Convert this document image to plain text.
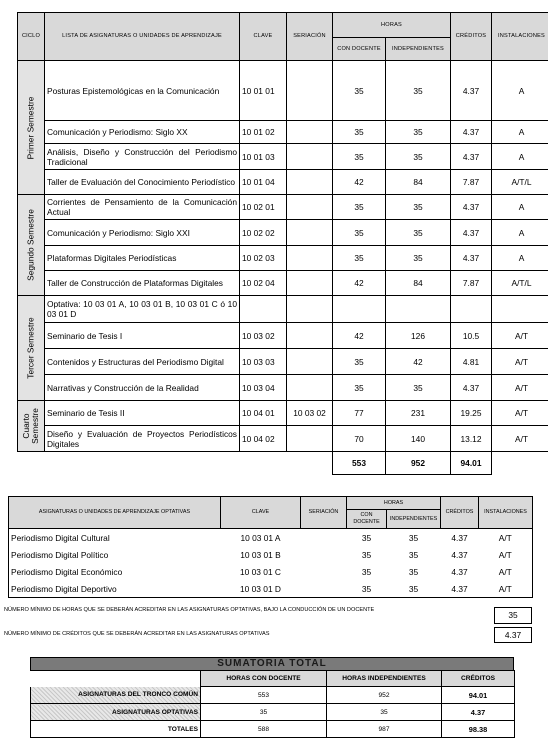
CICLO	LISTA DE ASIGNATURAS O UNIDADES DE APRENDIZAJE	CLAVE	SERIACIÓN	HORAS		CRÉDITOS	INSTALACIONES
				CON DOCENTE	INDEPENDIENTES		

Primer Semestre	Posturas Epistemológicas en la Comunicación	10 01 01		35	35	4.37	A
	Comunicación y Periodismo: Siglo XX	10 01 02		35	35	4.37	A
	Análisis, Diseño y Construcción del Periodismo Tradicional	10 01 03		35	35	4.37	A
	Taller de Evaluación del Conocimiento Periodístico	10 01 04		42	84	7.87	A/T/L

Segundo Semestre	Corrientes de Pensamiento de la Comunicación Actual	10 02 01		35	35	4.37	A
	Comunicación y Periodismo: Siglo XXI	10 02 02		35	35	4.37	A
	Plataformas Digitales Periodísticas	10 02 03		35	35	4.37	A
	Taller de Construcción de Plataformas Digitales	10 02 04		42	84	7.87	A/T/L

Tercer Semestre	Optativa: 10 03 01 A, 10 03 01 B, 10 03 01 C ó 10 03 01 D						
	Seminario de Tesis I	10 03 02		42	126	10.5	A/T
	Contenidos y Estructuras del Periodismo Digital	10 03 03		35	42	4.81	A/T
	Narrativas y Construcción de la Realidad	10 03 04		35	35	4.37	A/T

Cuarto Semestre	Seminario de Tesis II	10 04 01	10 03 02	77	231	19.25	A/T
	Diseño y Evaluación de Proyectos Periodísticos Digitales	10 04 02		70	140	13.12	A/T
				553	952	94.01	
ASIGNATURAS O UNIDADES DE APRENDIZAJE OPTATIVAS	CLAVE	SERIACIÓN	HORAS		CRÉDITOS	INSTALACIONES
			CON DOCENTE	INDEPENDIENTES		
Periodismo Digital Cultural	10 03 01 A		35	35	4.37	A/T
Periodismo Digital Político	10 03 01 B		35	35	4.37	A/T
Periodismo Digital Económico	10 03 01 C		35	35	4.37	A/T
Periodismo Digital Deportivo	10 03 01 D		35	35	4.37	A/T
NÚMERO MÍNIMO DE HORAS QUE SE DEBERÁN ACREDITAR EN LAS ASIGNATURAS OPTATIVAS, BAJO LA CONDUCCIÓN DE UN DOCENTE	35
NÚMERO MÍNIMO DE CRÉDITOS QUE SE DEBERÁN ACREDITAR EN LAS ASIGNATURAS OPTATIVAS	4.37
SUMATORIA TOTAL
	HORAS CON DOCENTE	HORAS INDEPENDIENTES	CRÉDITOS
ASIGNATURAS DEL TRONCO COMÚN	553	952	94.01
ASIGNATURAS OPTATIVAS	35	35	4.37
TOTALES	588	987	98.38
